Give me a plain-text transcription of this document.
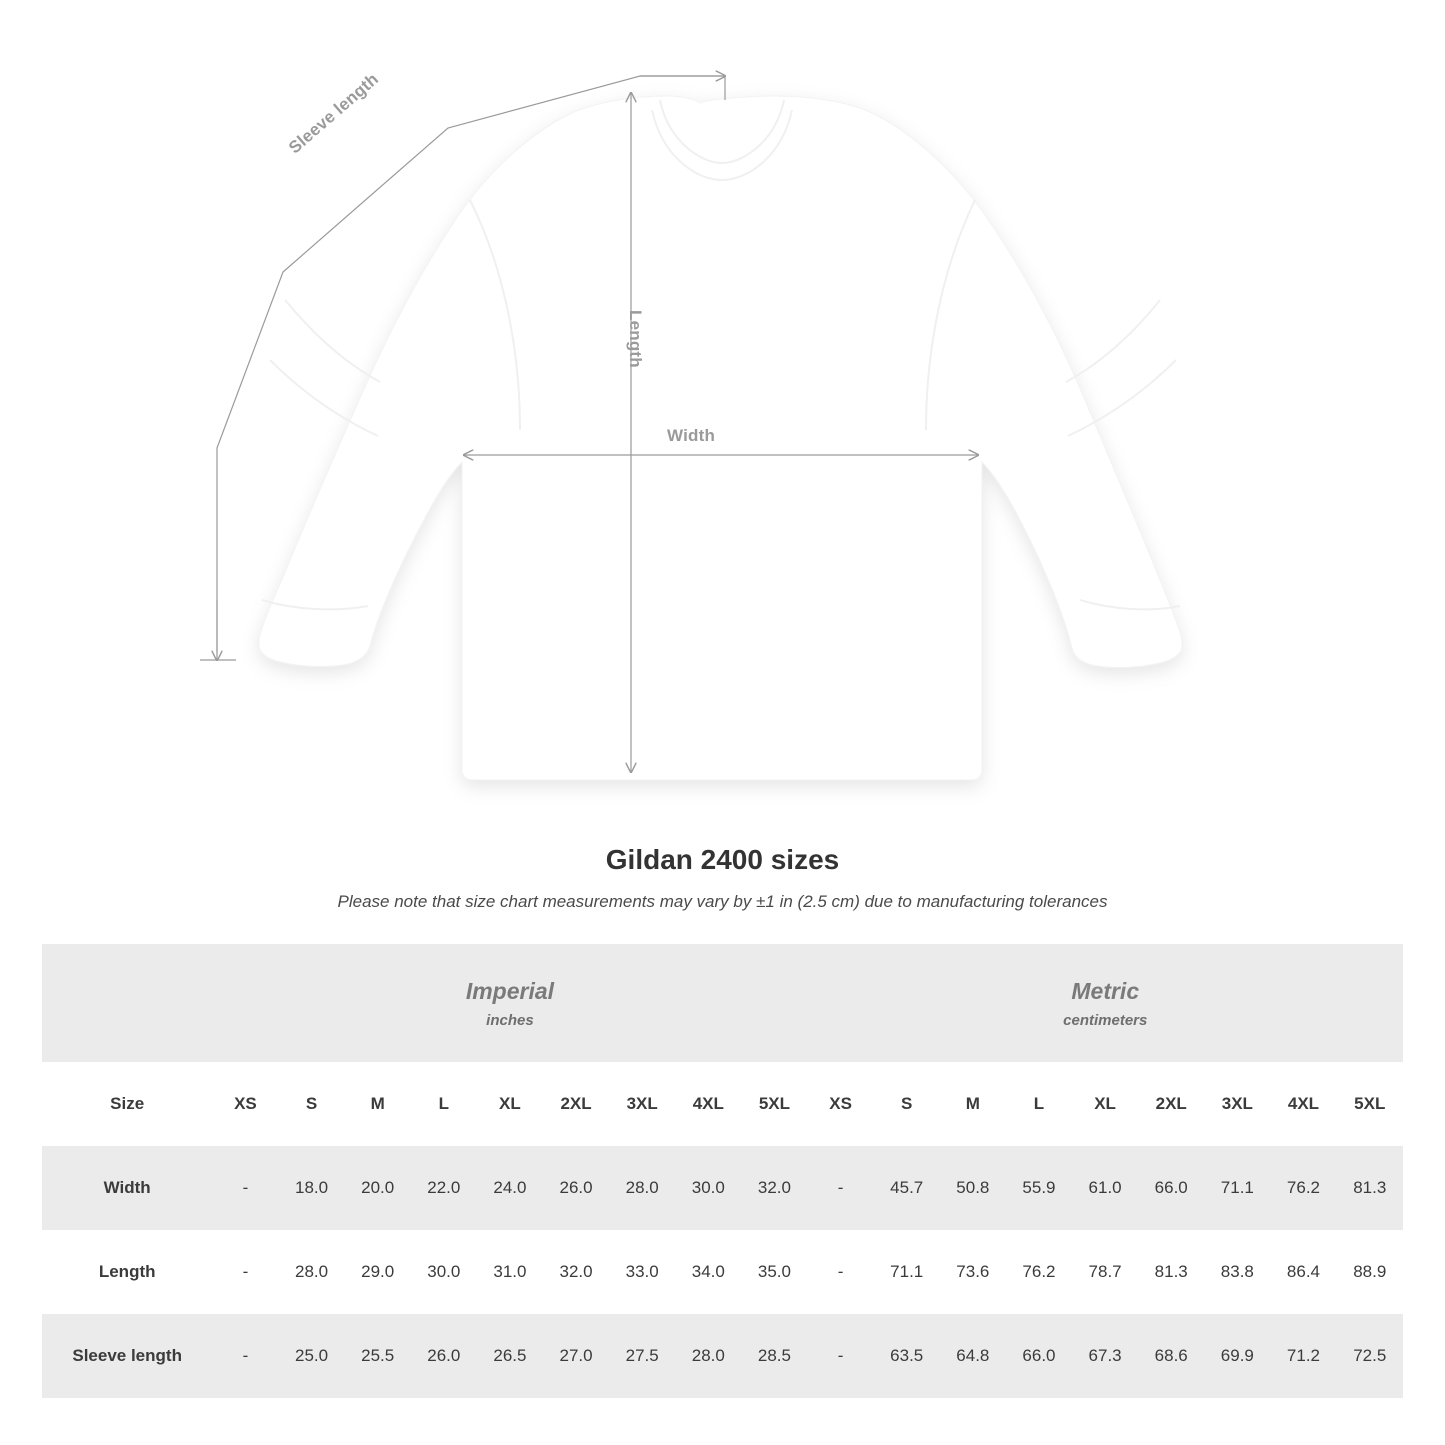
Width
Length
Sleeve length
Gildan 2400 sizes

Please note that size chart measurements may vary by ±1 in (2.5 cm) due to manufacturing tolerances

	Imperial
inches									Metric
centimeters								

Size	XS	S	M	L	XL	2XL	3XL	4XL	5XL	XS	S	M	L	XL	2XL	3XL	4XL	5XL
Width	-	18.0	20.0	22.0	24.0	26.0	28.0	30.0	32.0	-	45.7	50.8	55.9	61.0	66.0	71.1	76.2	81.3
Length	-	28.0	29.0	30.0	31.0	32.0	33.0	34.0	35.0	-	71.1	73.6	76.2	78.7	81.3	83.8	86.4	88.9
Sleeve length	-	25.0	25.5	26.0	26.5	27.0	27.5	28.0	28.5	-	63.5	64.8	66.0	67.3	68.6	69.9	71.2	72.5
